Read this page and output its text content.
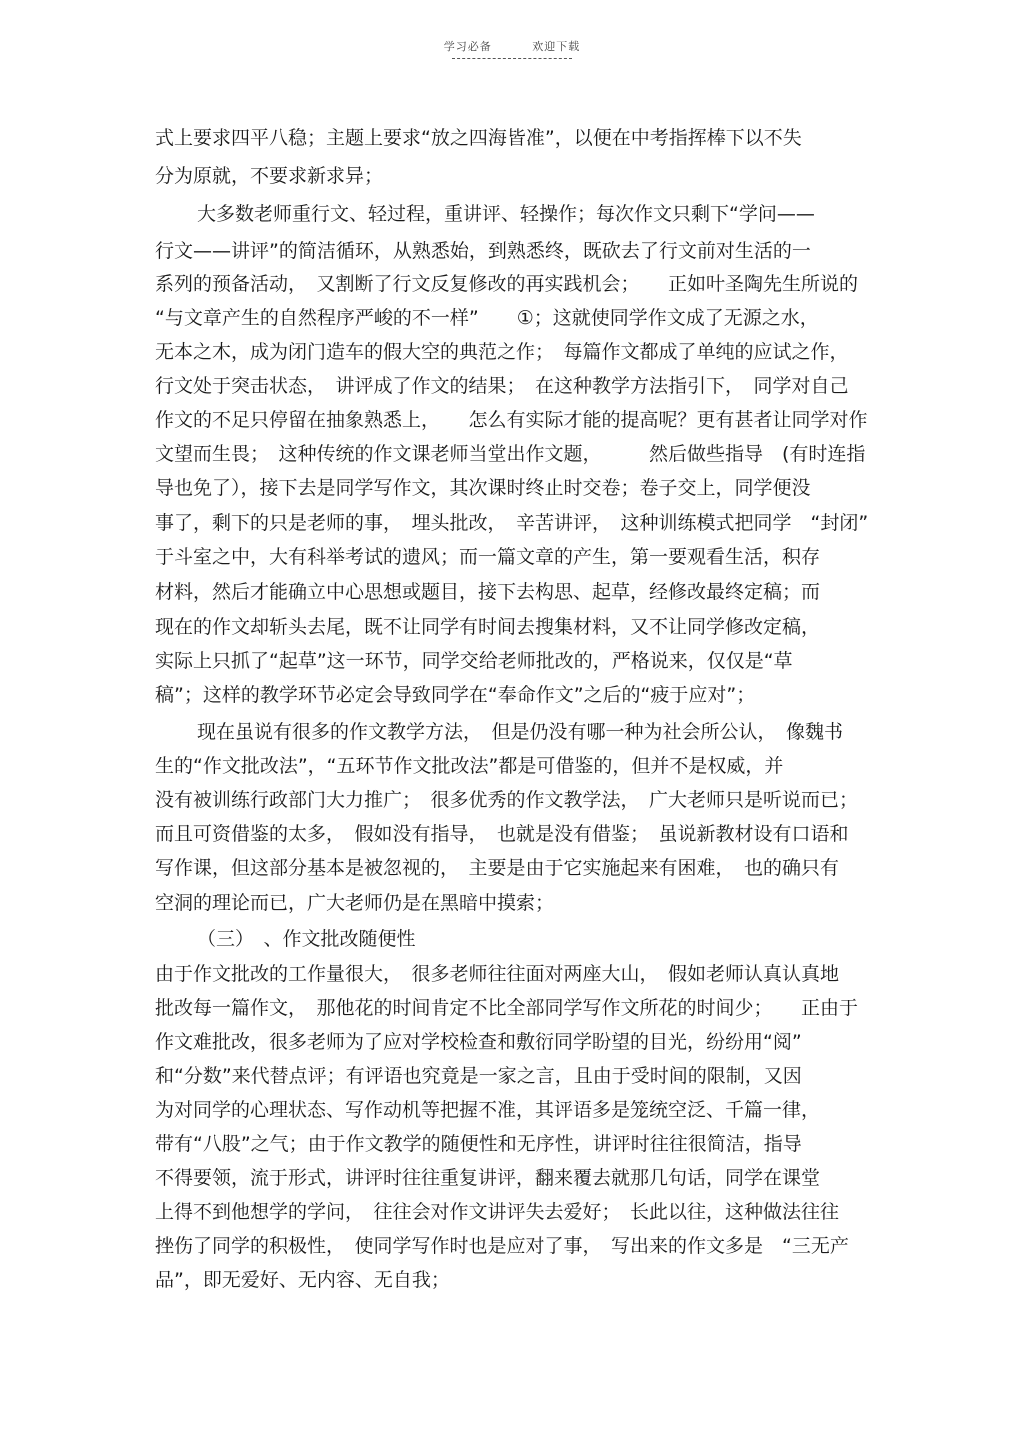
学习必备	欢迎下载
式上要求四平八稳；主题上要求“放之四海皆准”，以便在中考指挥棒下以不失
分为原就，不要求新求异；
大多数老师重行文、轻过程，重讲评、轻操作；每次作文只剩下“学问——
行文——讲评”的简洁循环，从熟悉始，到熟悉终，既砍去了行文前对生活的一
系列的预备活动，　又割断了行文反复修改的再实践机会；　　正如叶圣陶先生所说的
“与文章产生的自然程序严峻的不一样”　　①；这就使同学作文成了无源之水，
无本之木，成为闭门造车的假大空的典范之作；　每篇作文都成了单纯的应试之作，
行文处于突击状态，　讲评成了作文的结果；　在这种教学方法指引下，　同学对自己
作文的不足只停留在抽象熟悉上，　　怎么有实际才能的提高呢？更有甚者让同学对作
文望而生畏；　这种传统的作文课老师当堂出作文题，　　　然后做些指导　(有时连指
导也免了），接下去是同学写作文，其次课时终止时交卷；卷子交上，同学便没
事了，剩下的只是老师的事，　埋头批改，　辛苦讲评，　这种训练模式把同学　“封闭”
于斗室之中，大有科举考试的遗风；而一篇文章的产生，第一要观看生活，积存
材料，然后才能确立中心思想或题目，接下去构思、起草，经修改最终定稿；而
现在的作文却斩头去尾，既不让同学有时间去搜集材料，又不让同学修改定稿，
实际上只抓了“起草”这一环节，同学交给老师批改的，严格说来，仅仅是“草
稿”；这样的教学环节必定会导致同学在“奉命作文”之后的“疲于应对”；
现在虽说有很多的作文教学方法，　但是仍没有哪一种为社会所公认，　像魏书
生的“作文批改法”，“五环节作文批改法”都是可借鉴的，但并不是权威，并
没有被训练行政部门大力推广；　很多优秀的作文教学法，　广大老师只是听说而已；
而且可资借鉴的太多，　假如没有指导，　也就是没有借鉴；　虽说新教材设有口语和
写作课，但这部分基本是被忽视的，　主要是由于它实施起来有困难，　也的确只有
空洞的理论而已，广大老师仍是在黑暗中摸索；
（三）　、作文批改随便性
由于作文批改的工作量很大，　很多老师往往面对两座大山，　假如老师认真认真地
批改每一篇作文，　那他花的时间肯定不比全部同学写作文所花的时间少；　　正由于
作文难批改，很多老师为了应对学校检查和敷衍同学盼望的目光，纷纷用“阅”
和“分数”来代替点评；有评语也究竟是一家之言，且由于受时间的限制，又因
为对同学的心理状态、写作动机等把握不准，其评语多是笼统空泛、千篇一律，
带有“八股”之气；由于作文教学的随便性和无序性，讲评时往往很简洁，指导
不得要领，流于形式，讲评时往往重复讲评，翻来覆去就那几句话，同学在课堂
上得不到他想学的学问，　往往会对作文讲评失去爱好；　长此以往，这种做法往往
挫伤了同学的积极性，　使同学写作时也是应对了事，　写出来的作文多是　“三无产
品”，即无爱好、无内容、无自我；
